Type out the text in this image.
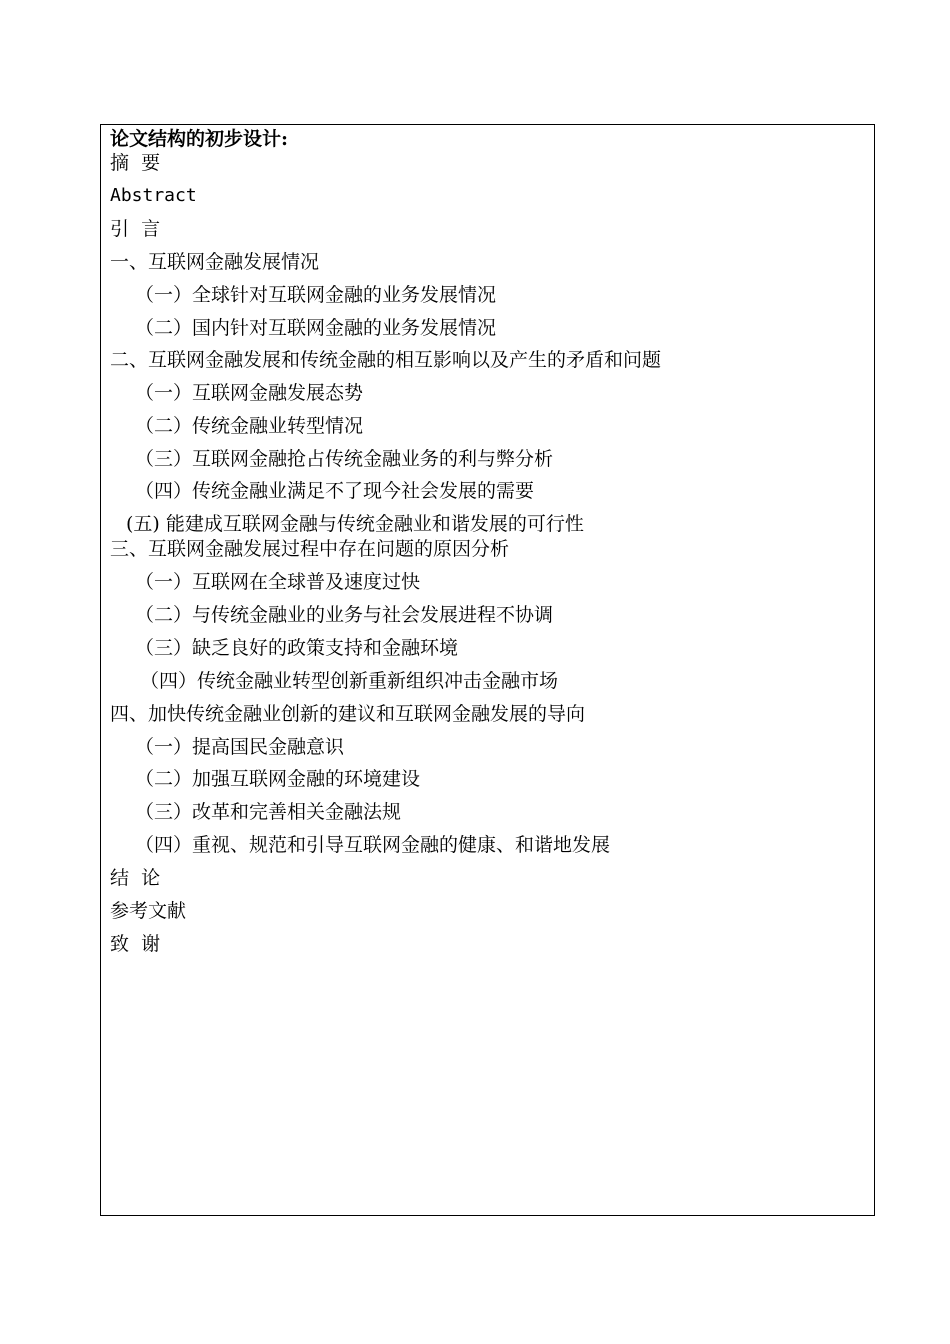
论文结构的初步设计:
摘  要
Abstract
引  言
一、互联网金融发展情况
（一）全球针对互联网金融的业务发展情况
（二）国内针对互联网金融的业务发展情况
二、互联网金融发展和传统金融的相互影响以及产生的矛盾和问题
（一）互联网金融发展态势
（二）传统金融业转型情况
（三）互联网金融抢占传统金融业务的利与弊分析
（四）传统金融业满足不了现今社会发展的需要
(五) 能建成互联网金融与传统金融业和谐发展的可行性
三、互联网金融发展过程中存在问题的原因分析
（一）互联网在全球普及速度过快
（二）与传统金融业的业务与社会发展进程不协调
（三）缺乏良好的政策支持和金融环境
（四）传统金融业转型创新重新组织冲击金融市场
四、加快传统金融业创新的建议和互联网金融发展的导向
（一）提高国民金融意识
（二）加强互联网金融的环境建设
（三）改革和完善相关金融法规
（四）重视、规范和引导互联网金融的健康、和谐地发展
结  论
参考文献
致  谢
